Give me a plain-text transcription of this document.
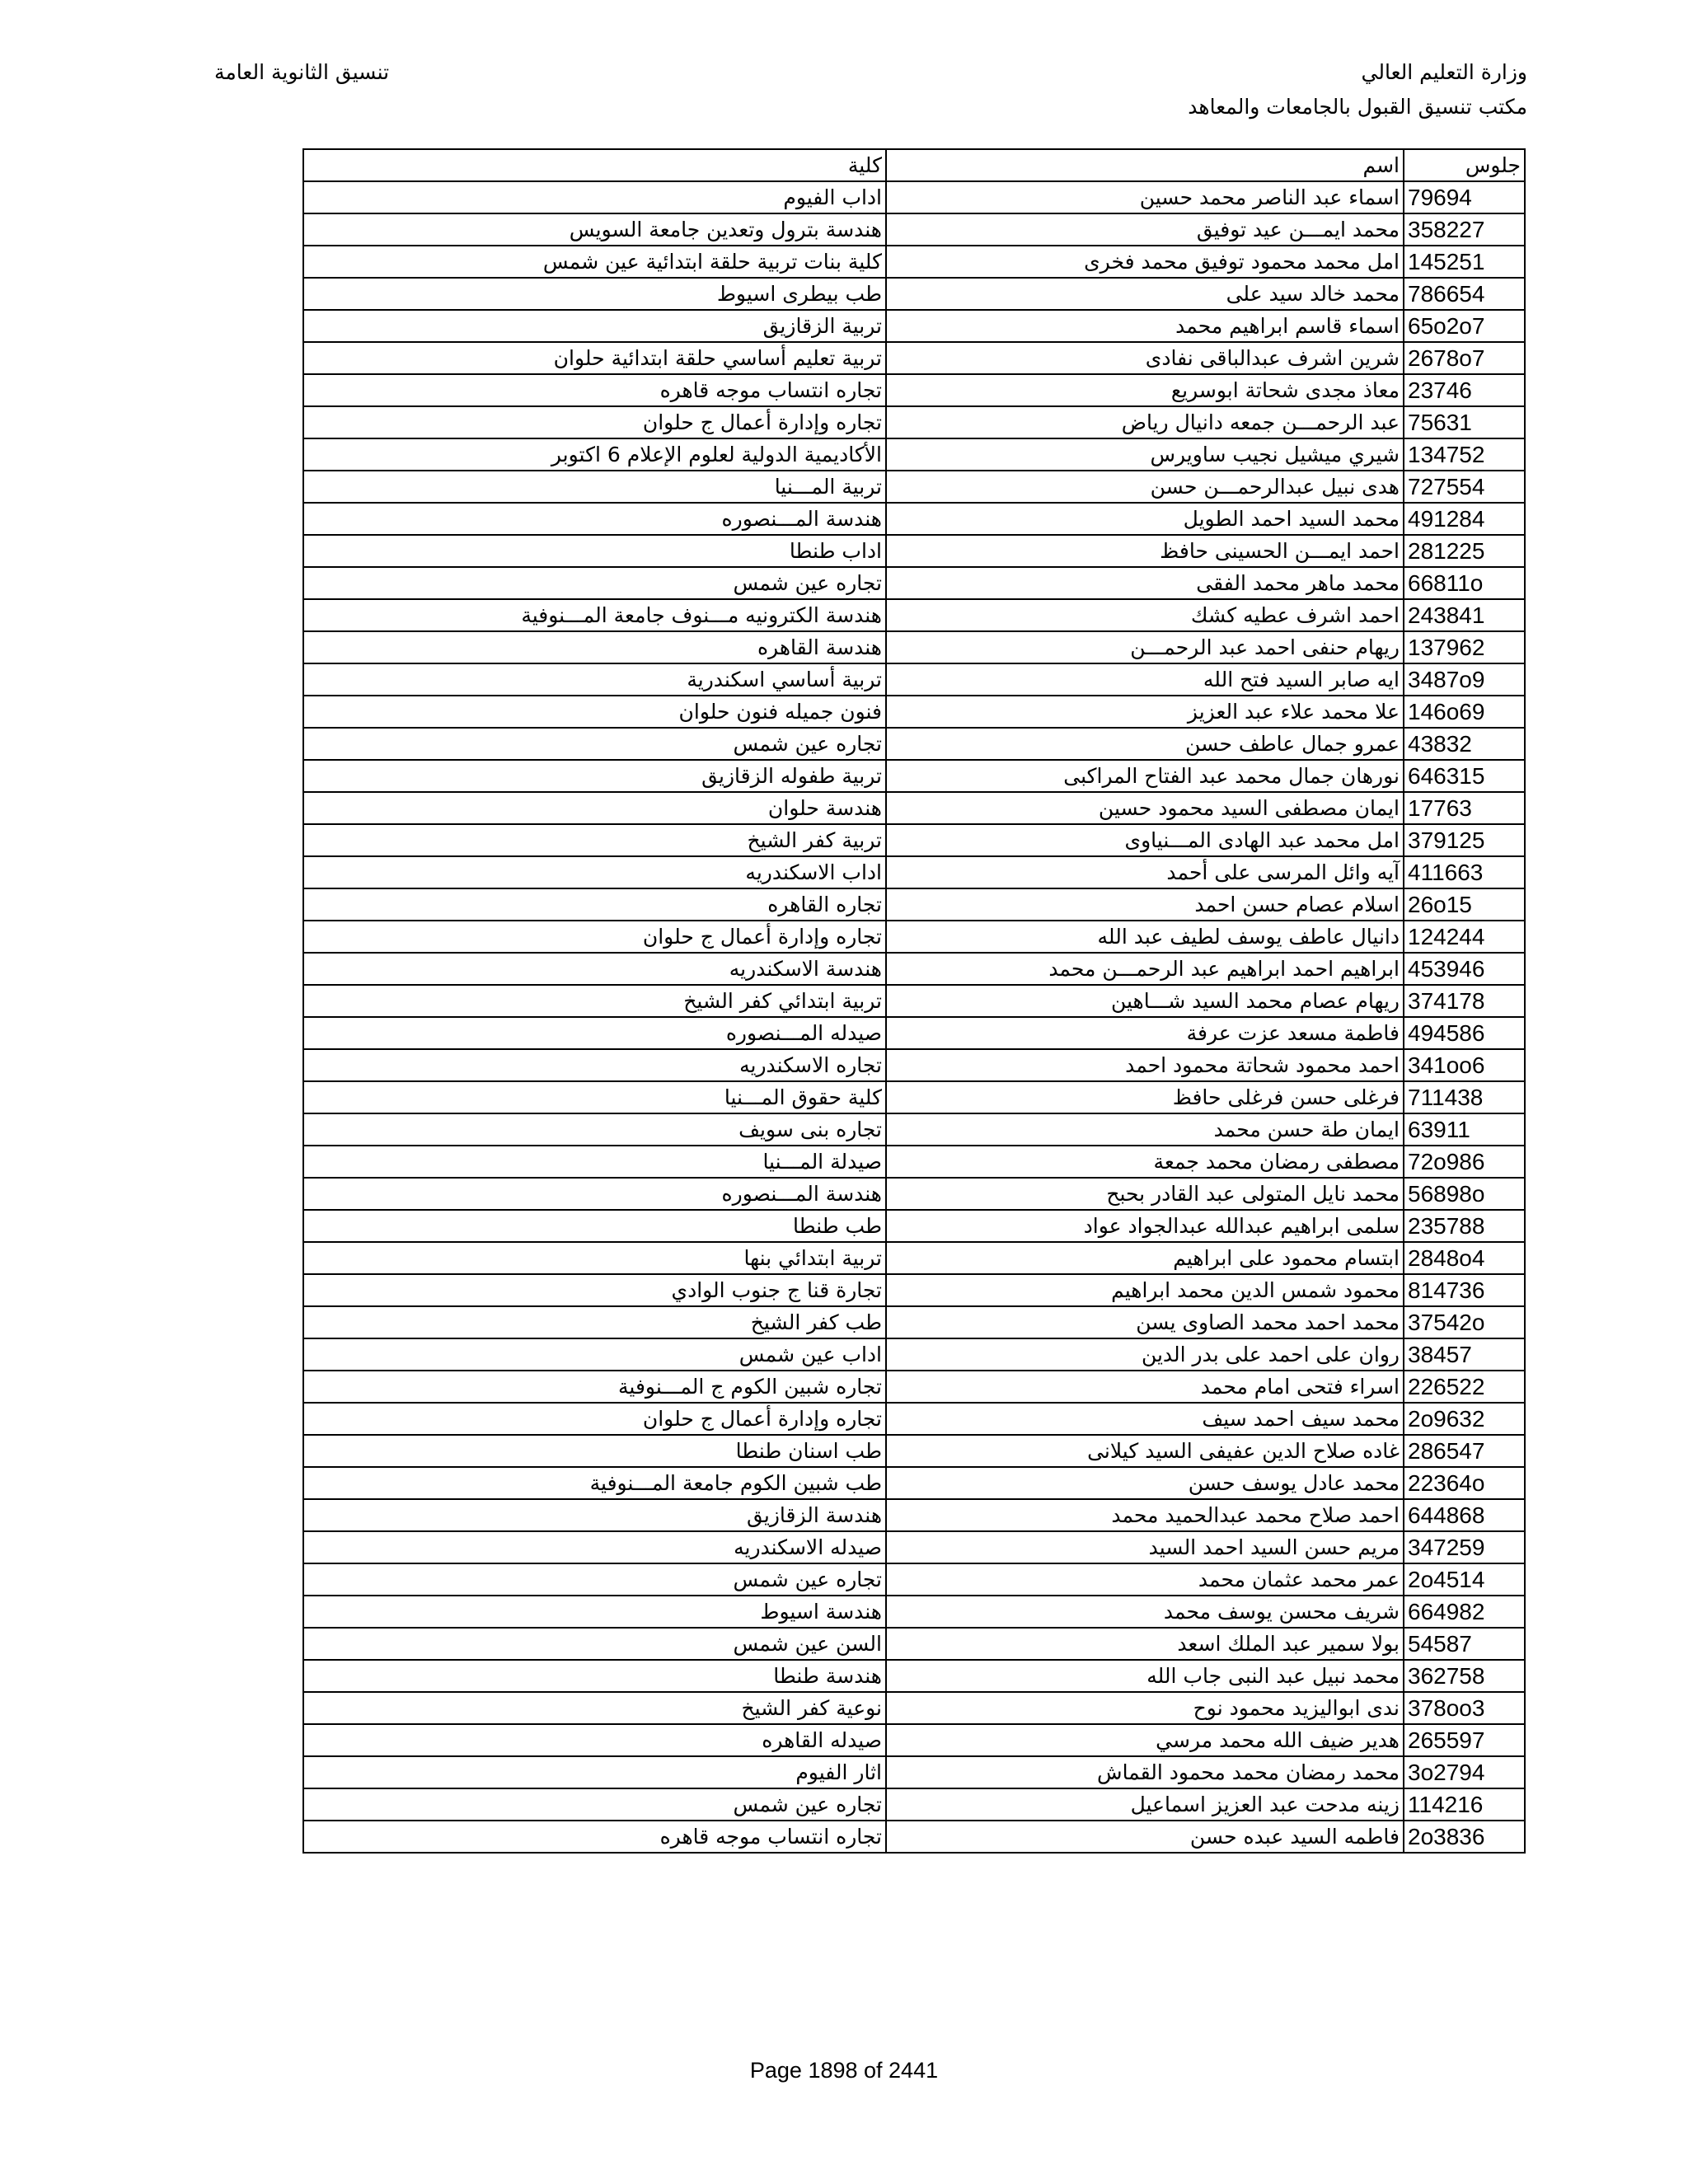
وزارة التعليم العالي
مكتب تنسيق القبول بالجامعات والمعاهد
تنسيق الثانوية العامة
جلوس	اسم	كلية
79694	اسماء عبد الناصر محمد حسين	اداب الفيوم
358227	محمد ايمـــن عيد توفيق	هندسة بترول وتعدين جامعة السويس
145251	امل محمد محمود توفيق محمد فخرى	كلية بنات تربية حلقة ابتدائية عين شمس
786654	محمد خالد سيد على	طب بيطرى اسيوط
65o2o7	اسماء قاسم ابراهيم محمد	تربية الزقازيق
2678o7	شرين اشرف عبدالباقى نفادى	تربية تعليم أساسي حلقة ابتدائية حلوان
23746	معاذ مجدى شحاتة ابوسريع	تجاره انتساب موجه قاهره
75631	عبد الرحمـــن جمعه دانيال رياض	تجاره وإدارة أعمال ج حلوان
134752	شيري ميشيل نجيب ساويرس	الأكاديمية الدولية لعلوم الإعلام 6 اكتوبر
727554	هدى نبيل عبدالرحمـــن حسن	تربية المـــنيا
491284	محمد السيد احمد الطويل	هندسة المـــنصوره
281225	احمد ايمـــن الحسينى حافظ	اداب طنطا
66811o	محمد ماهر محمد الفقى	تجاره عين شمس
243841	احمد اشرف عطيه كشك	هندسة الكترونيه مـــنوف جامعة المـــنوفية
137962	ريهام حنفى احمد عبد الرحمـــن	هندسة القاهره
3487o9	ايه صابر السيد فتح الله	تربية أساسي اسكندرية
146o69	علا محمد علاء عبد العزيز	فنون جميله فنون حلوان
43832	عمرو جمال عاطف حسن	تجاره عين شمس
646315	نورهان جمال محمد عبد الفتاح المراكبى	تربية طفوله الزقازيق
17763	ايمان مصطفى السيد محمود حسين	هندسة حلوان
379125	امل محمد عبد الهادى المـــنياوى	تربية كفر الشيخ
411663	آيه وائل المرسى على أحمد	اداب الاسكندريه
26o15	اسلام عصام حسن احمد	تجاره القاهره
124244	دانيال عاطف يوسف لطيف عبد الله	تجاره وإدارة أعمال ج حلوان
453946	ابراهيم احمد ابراهيم عبد الرحمـــن محمد	هندسة الاسكندريه
374178	ريهام عصام محمد السيد شـــاهين	تربية ابتدائي كفر الشيخ
494586	فاطمة مسعد عزت عرفة	صيدله المـــنصوره
341oo6	احمد محمود شحاتة محمود احمد	تجاره الاسكندريه
711438	فرغلى حسن فرغلى حافظ	كلية حقوق المـــنيا
63911	ايمان طة حسن محمد	تجاره بنى سويف
72o986	مصطفى رمضان محمد جمعة	صيدلة المـــنيا
56898o	محمد نايل المتولى عبد القادر بحبح	هندسة المـــنصوره
235788	سلمى ابراهيم عبدالله عبدالجواد عواد	طب طنطا
2848o4	ابتسام محمود على ابراهيم	تربية ابتدائي بنها
814736	محمود شمس الدين محمد ابراهيم	تجارة قنا ج جنوب الوادي
37542o	محمد احمد محمد الصاوى يسن	طب كفر الشيخ
38457	روان على احمد على بدر الدين	اداب عين شمس
226522	اسراء فتحى امام محمد	تجاره شبين الكوم ج المـــنوفية
2o9632	محمد سيف احمد سيف	تجاره وإدارة أعمال ج حلوان
286547	غاده صلاح الدين عفيفى السيد كيلانى	طب اسنان طنطا
22364o	محمد عادل يوسف حسن	طب شبين الكوم جامعة المـــنوفية
644868	احمد صلاح محمد عبدالحميد محمد	هندسة الزقازيق
347259	مريم حسن السيد احمد السيد	صيدله الاسكندريه
2o4514	عمر محمد عثمان محمد	تجاره عين شمس
664982	شريف محسن يوسف محمد	هندسة اسيوط
54587	بولا سمير عبد الملك اسعد	السن عين شمس
362758	محمد نبيل عبد النبى جاب الله	هندسة طنطا
378oo3	ندى ابواليزيد محمود نوح	نوعية كفر الشيخ
265597	هدير ضيف الله محمد مرسي	صيدله القاهره
3o2794	محمد رمضان محمد محمود القماش	اثار الفيوم
114216	زينه مدحت عبد العزيز اسماعيل	تجاره عين شمس
2o3836	فاطمه السيد عبده حسن	تجاره انتساب موجه قاهره
Page 1898 of 2441
